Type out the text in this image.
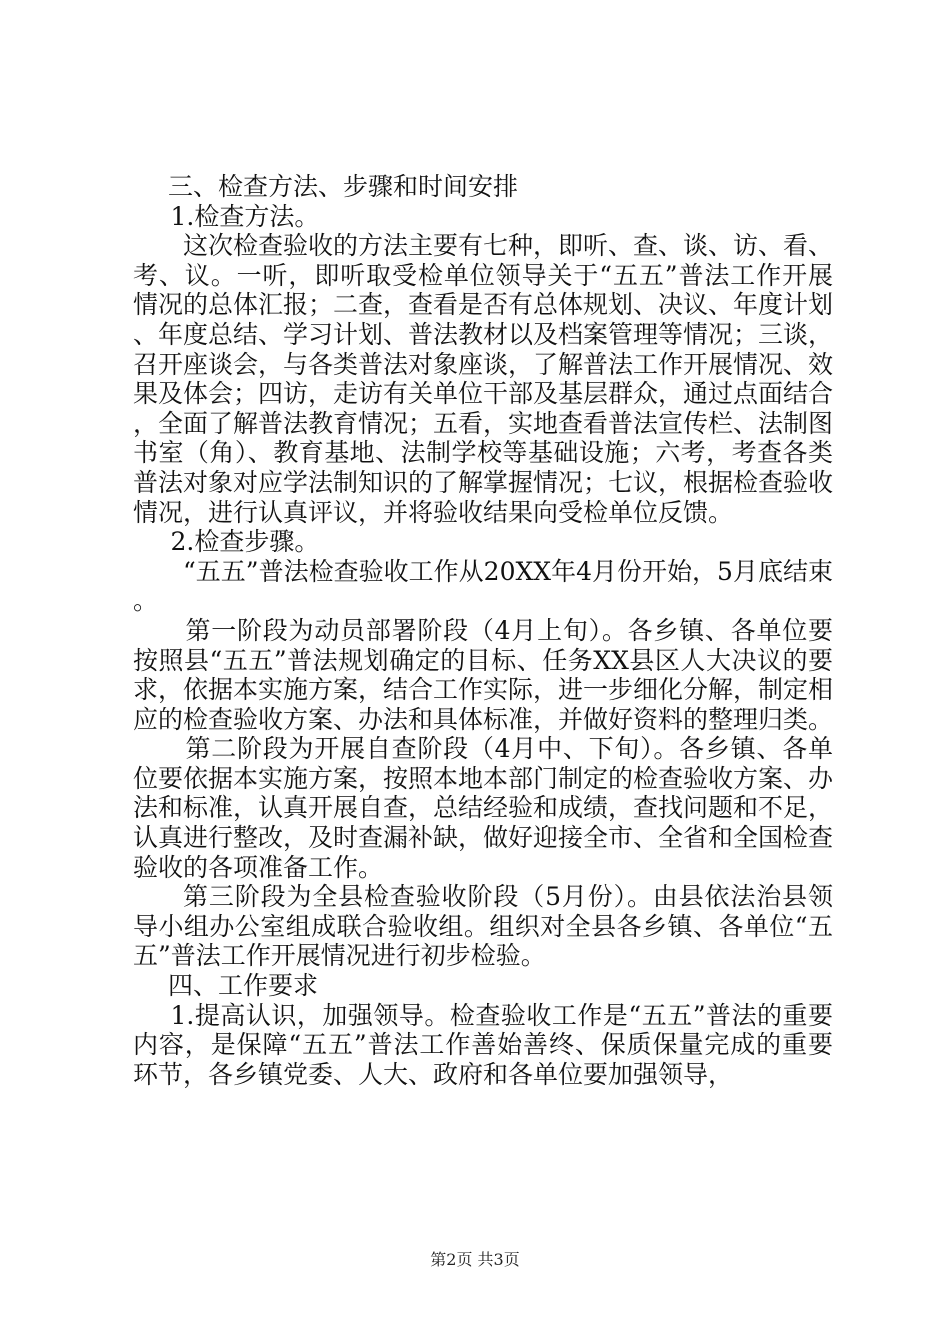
三、检查方法、步骤和时间安排

1.检查方法。

这次检查验收的方法主要有七种，即听、查、谈、访、看、考、议。一听，即听取受检单位领导关于“五五”普法工作开展情况的总体汇报；二查，查看是否有总体规划、决议、年度计划、年度总结、学习计划、普法教材以及档案管理等情况；三谈，召开座谈会，与各类普法对象座谈，了解普法工作开展情况、效果及体会；四访，走访有关单位干部及基层群众，通过点面结合，全面了解普法教育情况；五看，实地查看普法宣传栏、法制图书室（角）、教育基地、法制学校等基础设施；六考，考查各类普法对象对应学法制知识的了解掌握情况；七议，根据检查验收情况，进行认真评议，并将验收结果向受检单位反馈。

2.检查步骤。

“五五”普法检查验收工作从20XX年4月份开始，5月底结束。

第一阶段为动员部署阶段（4月上旬）。各乡镇、各单位要按照县“五五”普法规划确定的目标、任务XX县区人大决议的要求，依据本实施方案，结合工作实际，进一步细化分解，制定相应的检查验收方案、办法和具体标准，并做好资料的整理归类。

第二阶段为开展自查阶段（4月中、下旬）。各乡镇、各单位要依据本实施方案，按照本地本部门制定的检查验收方案、办法和标准，认真开展自查，总结经验和成绩，查找问题和不足，认真进行整改，及时查漏补缺，做好迎接全市、全省和全国检查验收的各项准备工作。

第三阶段为全县检查验收阶段（5月份）。由县依法治县领导小组办公室组成联合验收组。组织对全县各乡镇、各单位“五五”普法工作开展情况进行初步检验。

四、工作要求

1.提高认识，加强领导。检查验收工作是“五五”普法的重要内容，是保障“五五”普法工作善始善终、保质保量完成的重要环节，各乡镇党委、人大、政府和各单位要加强领导，

第2页 共3页
